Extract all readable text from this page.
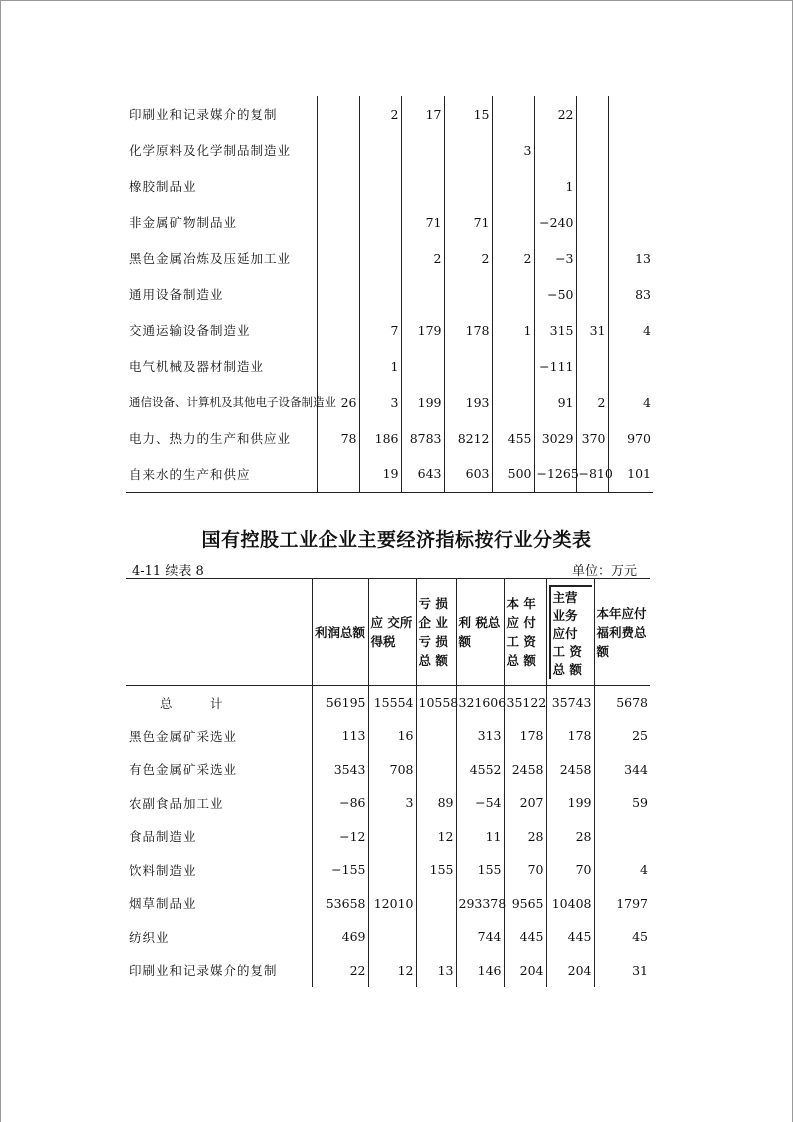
印刷业和记录媒介的复制		2	17	15		22			
化学原料及化学制品制造业					3				
橡胶制品业						1			
非金属矿物制品业			71	71		−240			
黑色金属冶炼及压延加工业			2	2	2	−3		13	
通用设备制造业						−50		83	
交通运输设备制造业		7	179	178	1	315	31	4	
电气机械及器材制造业		1				−111			
通信设备、计算机及其他电子设备制造业	26	3	199	193		91	2	4	
电力、热力的生产和供应业	78	186	8783	8212	455	3029	370	970	
自来水的生产和供应		19	643	603	500	−1265	−810	101	
国有控股工业企业主要经济指标按行业分类表
4-11 续表 8	单位：万元
	利润总额	应 交所得税	亏 损企 业亏 损总 额	利 税总 额	本 年应 付工 资总 额	主营业务应付工 资总 额	本年应付福利费总 额
总　　　计	56195	15554	10558	321606	35122	35743	5678
黑色金属矿采选业	113	16		313	178	178	25
有色金属矿采选业	3543	708		4552	2458	2458	344
农副食品加工业	−86	3	89	−54	207	199	59
食品制造业	−12		12	11	28	28	
饮料制造业	−155		155	155	70	70	4
烟草制品业	53658	12010		293378	9565	10408	1797
纺织业	469			744	445	445	45
印刷业和记录媒介的复制	22	12	13	146	204	204	31
